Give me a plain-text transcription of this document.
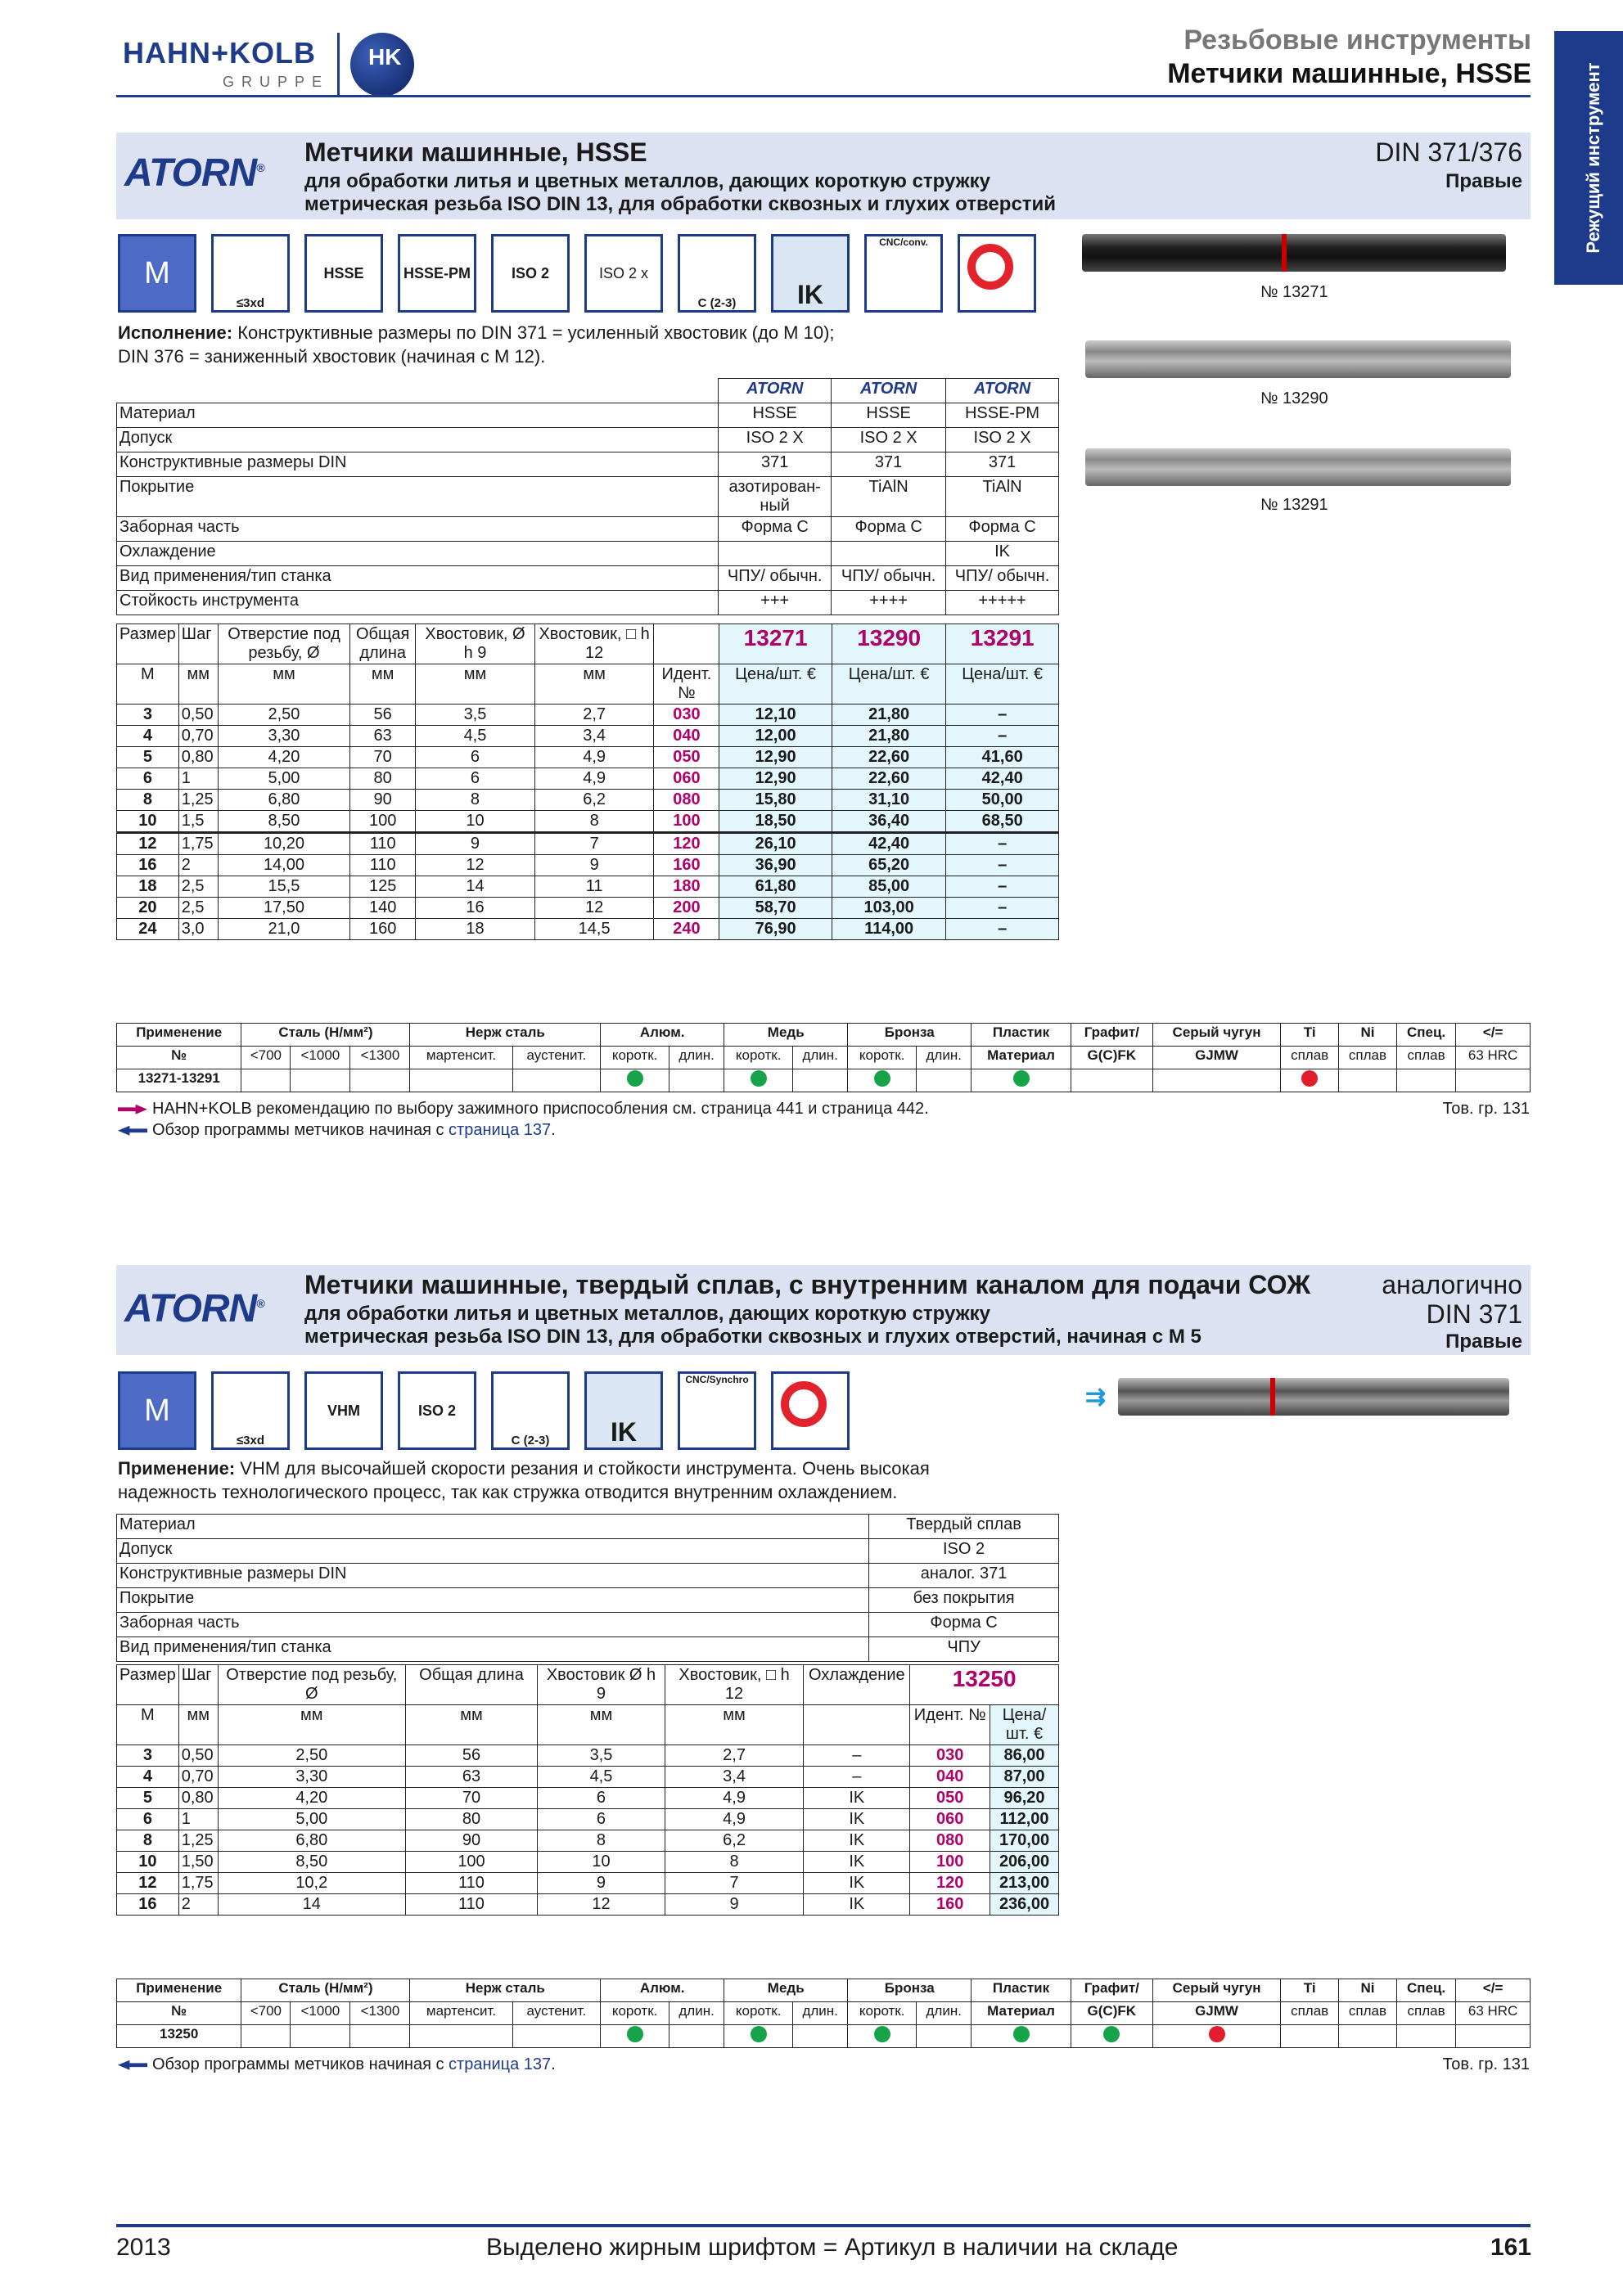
HAHN+KOLB
GRUPPE
HK
Резьбовые инструменты
Метчики машинные, HSSE	Режущий инструмент
ATORN®
Метчики машинные, HSSE
для обработки литья и цветных металлов, дающих короткую стружку
метрическая резьба ISO DIN 13, для обработки сквозных и глухих отверстий
DIN 371/376
Правые
M
≤3xd
HSSE	HSSE-PM	ISO 2	ISO 2 x
C (2-3) IK
CNC/conv.
№ 13271
№ 13290
№ 13291
Исполнение: Конструктивные размеры по DIN 371 = усиленный хвостовик (до M 10);
DIN 376 = заниженный хвостовик (начиная с M 12).
	ATORN	ATORN	ATORN
Материал	HSSE	HSSE	HSSE-PM
Допуск	ISO 2 X	ISO 2 X	ISO 2 X
Конструктивные размеры DIN	371	371	371
Покрытие	азотирован-ный	TiAlN	TiAlN
Заборная часть	Форма C	Форма C	Форма C
Охлаждение			IK
Вид применения/тип станка	ЧПУ/ обычн.	ЧПУ/ обычн.	ЧПУ/ обычн.
Стойкость инструмента	+++	++++	+++++
Размер	Шаг	Отверстие под резьбу, Ø	Общая длина	Хвостовик, Ø h 9	Хвостовик, □ h 12		13271	13290	13291
M	мм	мм	мм	мм	мм	Идент. №	Цена/шт. €	Цена/шт. €	Цена/шт. €
3	0,50	2,50	56	3,5	2,7	030	12,10	21,80	–
4	0,70	3,30	63	4,5	3,4	040	12,00	21,80	–
5	0,80	4,20	70	6	4,9	050	12,90	22,60	41,60
6	1	5,00	80	6	4,9	060	12,90	22,60	42,40
8	1,25	6,80	90	8	6,2	080	15,80	31,10	50,00
10	1,5	8,50	100	10	8	100	18,50	36,40	68,50
12	1,75	10,20	110	9	7	120	26,10	42,40	–
16	2	14,00	110	12	9	160	36,90	65,20	–
18	2,5	15,5	125	14	11	180	61,80	85,00	–
20	2,5	17,50	140	16	12	200	58,70	103,00	–
24	3,0	21,0	160	18	14,5	240	76,90	114,00	–
Применение	Сталь (Н/мм²)			Нерж сталь		Алюм.		Медь		Бронза		Пластик	Графит/	Серый чугун	Ti	Ni	Спец.	</=
№	<700	<1000	<1300	мартенсит.	аустенит.	коротк.	длин.	коротк.	длин.	коротк.	длин.	Материал	G(C)FK	GJMW	сплав	сплав	сплав	63 HRC
13271-13291																		
HAHN+KOLB рекомендацию по выбору зажимного приспособления см. страница 441 и страница 442.
Обзор программы метчиков начиная с страница 137.
Тов. гр. 131
ATORN®
Метчики машинные, твердый сплав, с внутренним каналом для подачи СОЖ
для обработки литья и цветных металлов, дающих короткую стружку
метрическая резьба ISO DIN 13, для обработки сквозных и глухих отверстий, начиная с M 5
аналогично
DIN 371
Правые
M
≤3xd
VHM	ISO 2
C (2-3) IK
CNC/Synchro
⇉
Применение: VHM для высочайшей скорости резания и стойкости инструмента. Очень высокая
надежность технологического процесс, так как стружка отводится внутренним охлаждением.
Материал	Твердый сплав
Допуск	ISO 2
Конструктивные размеры DIN	аналог. 371
Покрытие	без покрытия
Заборная часть	Форма C
Вид применения/тип станка	ЧПУ
Размер	Шаг	Отверстие под резьбу, Ø	Общая длина	Хвостовик Ø h 9	Хвостовик, □ h 12	Охлаждение	13250	
M	мм	мм	мм	мм	мм		Идент. №	Цена/шт. €
3	0,50	2,50	56	3,5	2,7	–	030	86,00
4	0,70	3,30	63	4,5	3,4	–	040	87,00
5	0,80	4,20	70	6	4,9	IK	050	96,20
6	1	5,00	80	6	4,9	IK	060	112,00
8	1,25	6,80	90	8	6,2	IK	080	170,00
10	1,50	8,50	100	10	8	IK	100	206,00
12	1,75	10,2	110	9	7	IK	120	213,00
16	2	14	110	12	9	IK	160	236,00
Применение	Сталь (Н/мм²)			Нерж сталь		Алюм.		Медь		Бронза		Пластик	Графит/	Серый чугун	Ti	Ni	Спец.	</=
№	<700	<1000	<1300	мартенсит.	аустенит.	коротк.	длин.	коротк.	длин.	коротк.	длин.	Материал	G(C)FK	GJMW	сплав	сплав	сплав	63 HRC
13250																		
Обзор программы метчиков начиная с страница 137.	Тов. гр. 131
2013	Выделено жирным шрифтом = Артикул в наличии на складе	161
